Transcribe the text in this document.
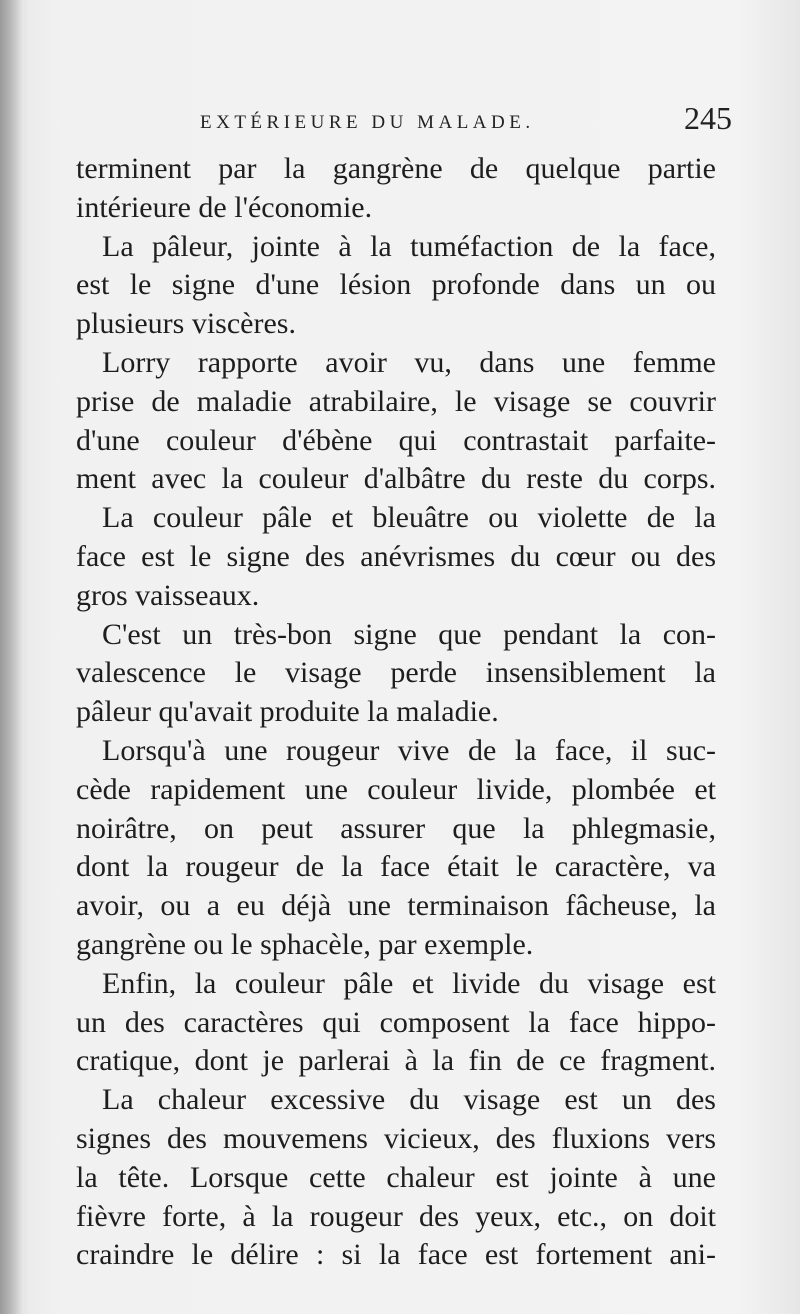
EXTÉRIEURE DU MALADE.	245
terminent par la gangrène de quelque partie
intérieure de l'économie.
La pâleur, jointe à la tuméfaction de la face,
est le signe d'une lésion profonde dans un ou
plusieurs viscères.
Lorry rapporte avoir vu, dans une femme
prise de maladie atrabilaire, le visage se couvrir
d'une couleur d'ébène qui contrastait parfaite-
ment avec la couleur d'albâtre du reste du corps.
La couleur pâle et bleuâtre ou violette de la
face est le signe des anévrismes du cœur ou des
gros vaisseaux.
C'est un très-bon signe que pendant la con-
valescence le visage perde insensiblement la
pâleur qu'avait produite la maladie.
Lorsqu'à une rougeur vive de la face, il suc-
cède rapidement une couleur livide, plombée et
noirâtre, on peut assurer que la phlegmasie,
dont la rougeur de la face était le caractère, va
avoir, ou a eu déjà une terminaison fâcheuse, la
gangrène ou le sphacèle, par exemple.
Enfin, la couleur pâle et livide du visage est
un des caractères qui composent la face hippo-
cratique, dont je parlerai à la fin de ce fragment.
La chaleur excessive du visage est un des
signes des mouvemens vicieux, des fluxions vers
la tête. Lorsque cette chaleur est jointe à une
fièvre forte, à la rougeur des yeux, etc., on doit
craindre le délire : si la face est fortement ani-
